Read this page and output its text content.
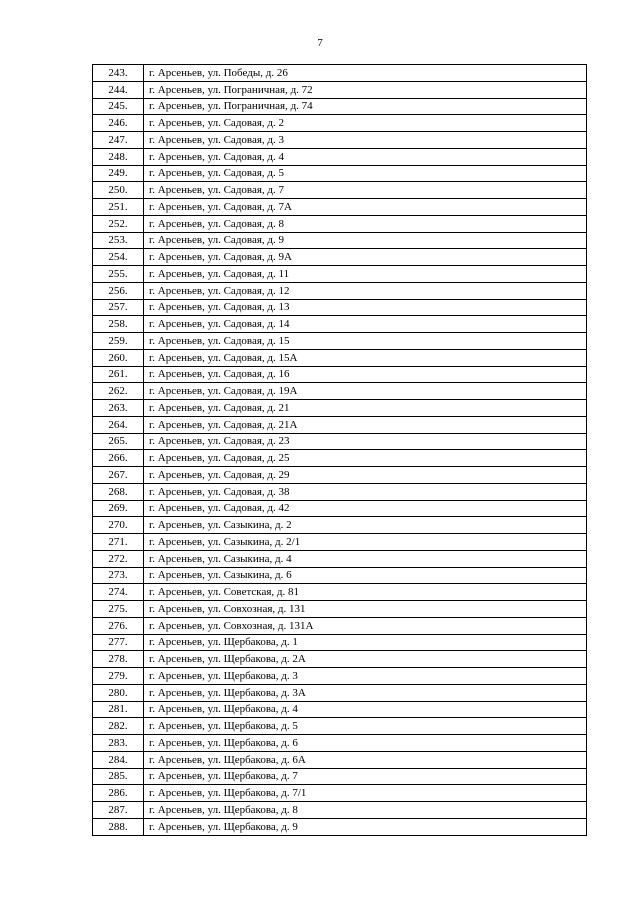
7
243.	г. Арсеньев, ул. Победы, д. 26
244.	г. Арсеньев, ул. Пограничная, д. 72
245.	г. Арсеньев, ул. Пограничная, д. 74
246.	г. Арсеньев, ул. Садовая, д. 2
247.	г. Арсеньев, ул. Садовая, д. 3
248.	г. Арсеньев, ул. Садовая, д. 4
249.	г. Арсеньев, ул. Садовая, д. 5
250.	г. Арсеньев, ул. Садовая, д. 7
251.	г. Арсеньев, ул. Садовая, д. 7А
252.	г. Арсеньев, ул. Садовая, д. 8
253.	г. Арсеньев, ул. Садовая, д. 9
254.	г. Арсеньев, ул. Садовая, д. 9А
255.	г. Арсеньев, ул. Садовая, д. 11
256.	г. Арсеньев, ул. Садовая, д. 12
257.	г. Арсеньев, ул. Садовая, д. 13
258.	г. Арсеньев, ул. Садовая, д. 14
259.	г. Арсеньев, ул. Садовая, д. 15
260.	г. Арсеньев, ул. Садовая, д. 15А
261.	г. Арсеньев, ул. Садовая, д. 16
262.	г. Арсеньев, ул. Садовая, д. 19А
263.	г. Арсеньев, ул. Садовая, д. 21
264.	г. Арсеньев, ул. Садовая, д. 21А
265.	г. Арсеньев, ул. Садовая, д. 23
266.	г. Арсеньев, ул. Садовая, д. 25
267.	г. Арсеньев, ул. Садовая, д. 29
268.	г. Арсеньев, ул. Садовая, д. 38
269.	г. Арсеньев, ул. Садовая, д. 42
270.	г. Арсеньев, ул. Сазыкина, д. 2
271.	г. Арсеньев, ул. Сазыкина, д. 2/1
272.	г. Арсеньев, ул. Сазыкина, д. 4
273.	г. Арсеньев, ул. Сазыкина, д. 6
274.	г. Арсеньев, ул. Советская, д. 81
275.	г. Арсеньев, ул. Совхозная, д. 131
276.	г. Арсеньев, ул. Совхозная, д. 131А
277.	г. Арсеньев, ул. Щербакова, д. 1
278.	г. Арсеньев, ул. Щербакова, д. 2А
279.	г. Арсеньев, ул. Щербакова, д. 3
280.	г. Арсеньев, ул. Щербакова, д. 3А
281.	г. Арсеньев, ул. Щербакова, д. 4
282.	г. Арсеньев, ул. Щербакова, д. 5
283.	г. Арсеньев, ул. Щербакова, д. 6
284.	г. Арсеньев, ул. Щербакова, д. 6А
285.	г. Арсеньев, ул. Щербакова, д. 7
286.	г. Арсеньев, ул. Щербакова, д. 7/1
287.	г. Арсеньев, ул. Щербакова, д. 8
288.	г. Арсеньев, ул. Щербакова, д. 9
